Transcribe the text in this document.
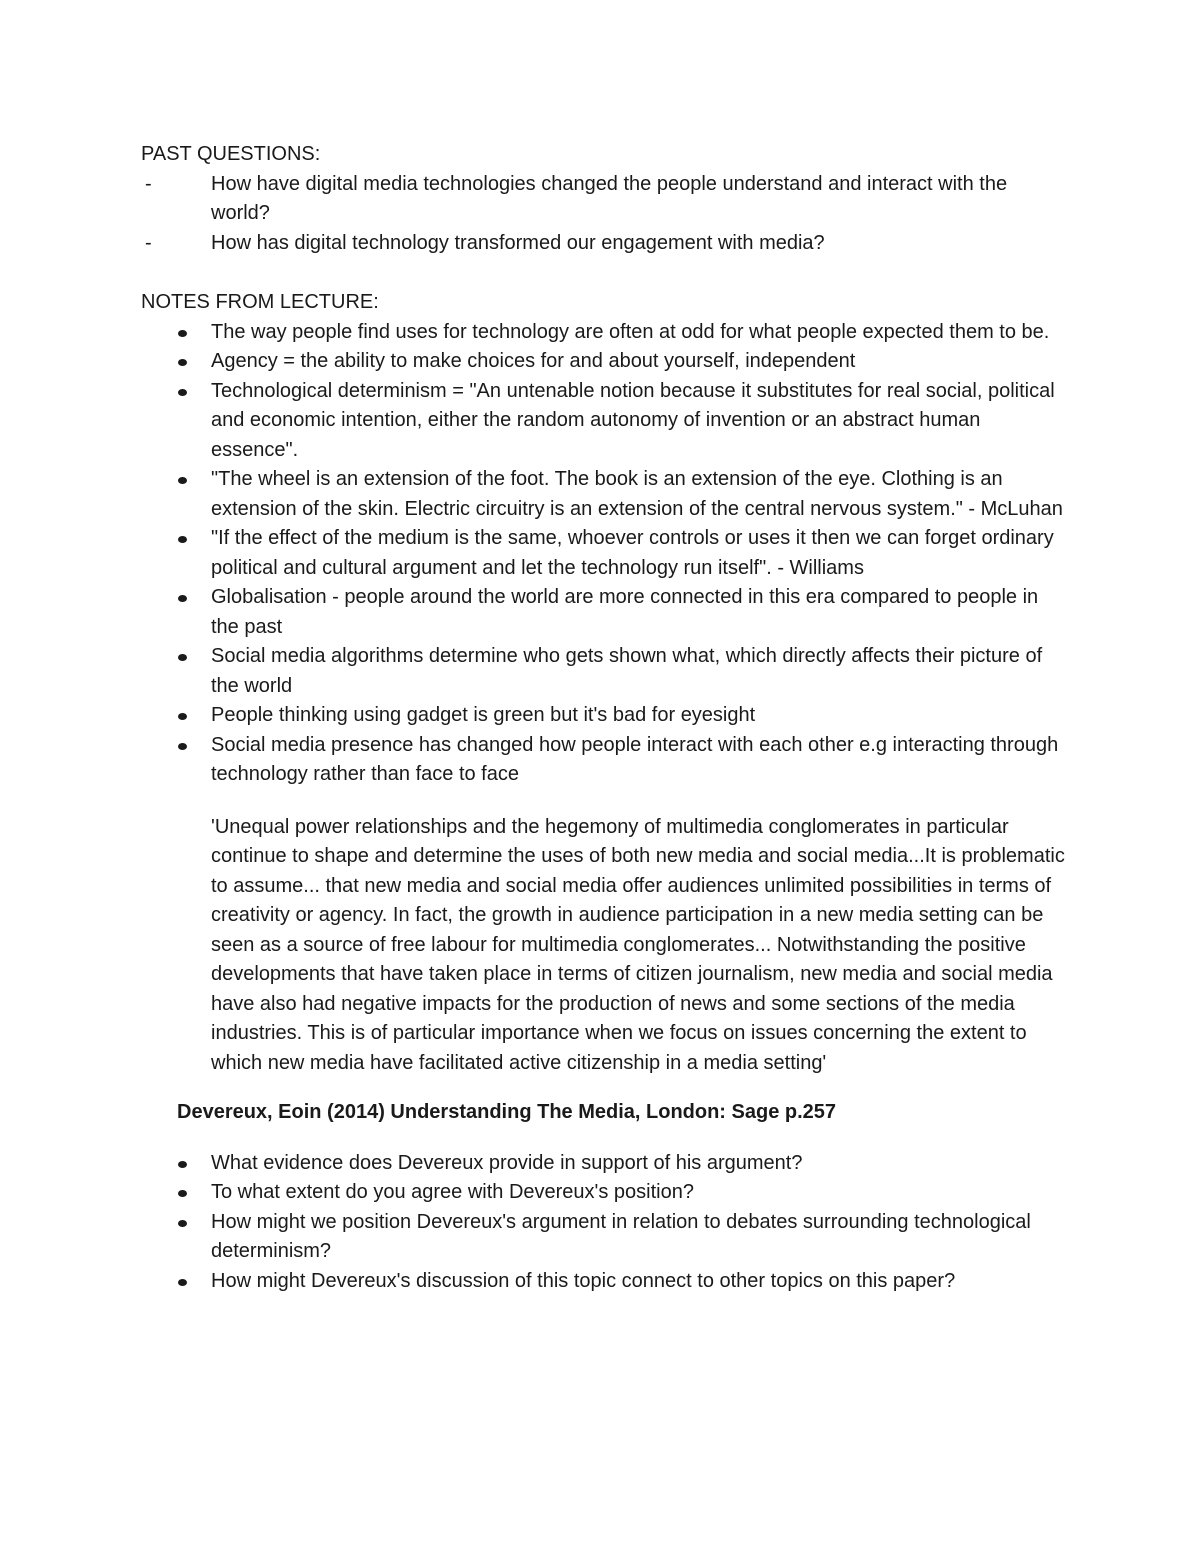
PAST QUESTIONS:

-	How have digital media technologies changed the people understand and interact with the world?
-	How has digital technology transformed our engagement with media?

NOTES FROM LECTURE:

The way people find uses for technology are often at odd for what people expected them to be.
Agency = the ability to make choices for and about yourself, independent
Technological determinism = "An untenable notion because it substitutes for real social, political and economic intention, either the random autonomy of invention or an abstract human essence".
"The wheel is an extension of the foot. The book is an extension of the eye. Clothing is an extension of the skin. Electric circuitry is an extension of the central nervous system." - McLuhan
"If the effect of the medium is the same, whoever controls or uses it then we can forget ordinary political and cultural argument and let the technology run itself". - Williams
Globalisation - people around the world are more connected in this era compared to people in the past
Social media algorithms determine who gets shown what, which directly affects their picture of the world
People thinking using gadget is green but it's bad for eyesight
Social media presence has changed how people interact with each other e.g interacting through technology rather than face to face

'Unequal power relationships and the hegemony of multimedia conglomerates in particular continue to shape and determine the uses of both new media and social media...It is problematic to assume... that new media and social media offer audiences unlimited possibilities in terms of creativity or agency. In fact, the growth in audience participation in a new media setting can be seen as a source of free labour for multimedia conglomerates... Notwithstanding the positive developments that have taken place in terms of citizen journalism, new media and social media have also had negative impacts for the production of news and some sections of the media industries. This is of particular importance when we focus on issues concerning the extent to which new media have facilitated active citizenship in a media setting'

Devereux, Eoin (2014) Understanding The Media, London: Sage p.257

What evidence does Devereux provide in support of his argument?
To what extent do you agree with Devereux's position?
How might we position Devereux's argument in relation to debates surrounding technological determinism?
How might Devereux's discussion of this topic connect to other topics on this paper?
